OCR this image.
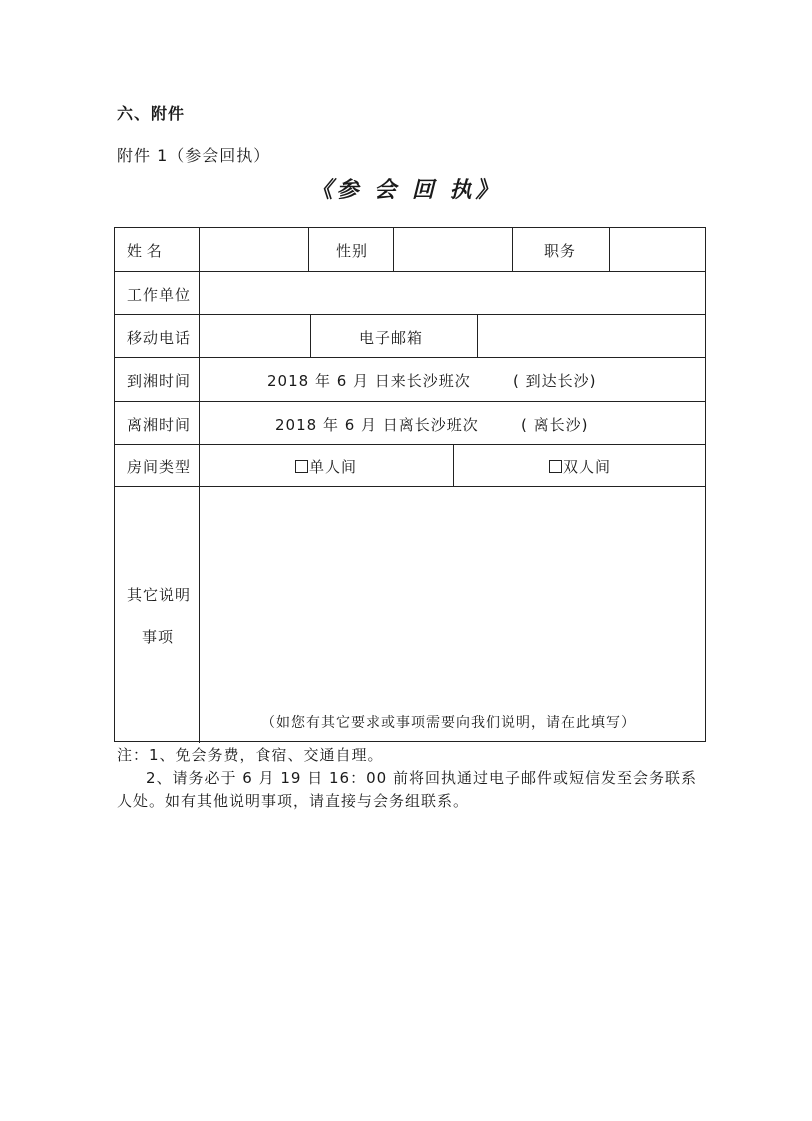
六、附件
附件 1（参会回执）
《参 会 回 执》
姓 名	性别	职务
工作单位
移动电话	电子邮箱
到湘时间	2018 年 6 月 日来长沙班次	( 到达长沙)
离湘时间	2018 年 6 月 日离长沙班次	( 离长沙)
房间类型	单人间	双人间
其它说明
事项
（如您有其它要求或事项需要向我们说明，请在此填写）
注：1、免会务费，食宿、交通自理。
2、请务必于 6 月 19 日 16：00 前将回执通过电子邮件或短信发至会务联系
人处。如有其他说明事项，请直接与会务组联系。
